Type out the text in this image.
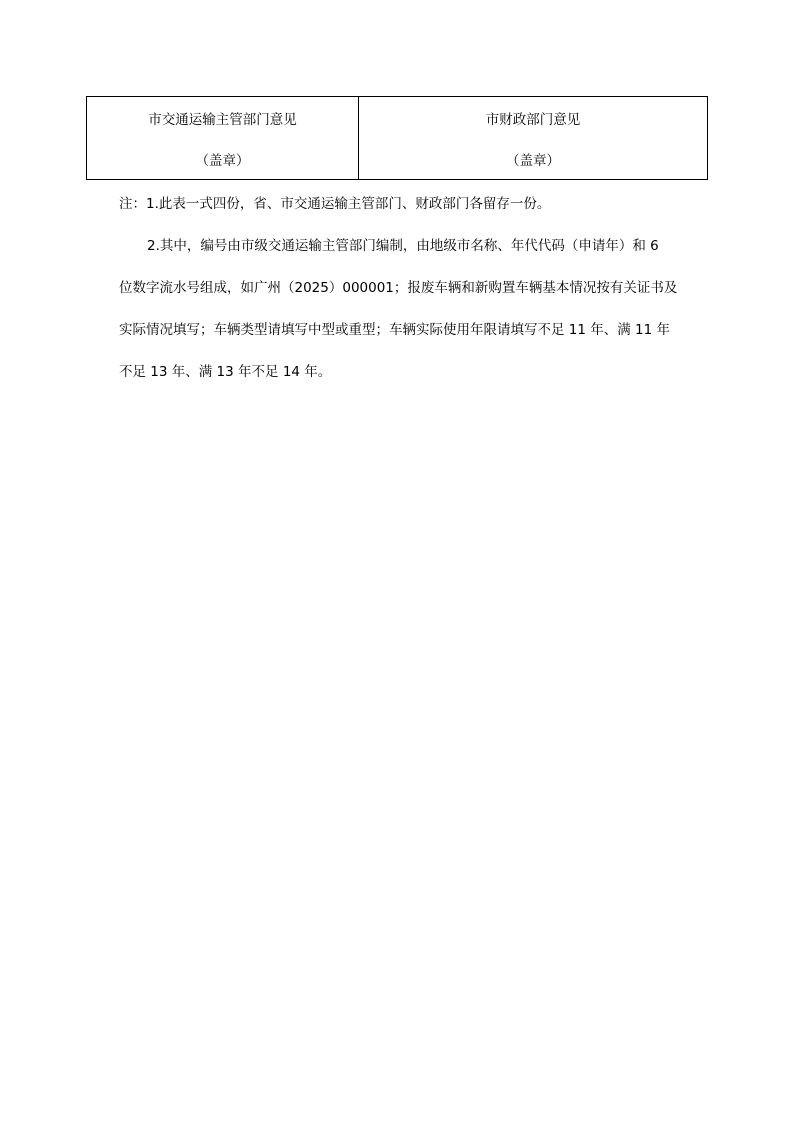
市交通运输主管部门意见
（盖章）
市财政部门意见
（盖章）
注：1.此表一式四份，省、市交通运输主管部门、财政部门各留存一份。
2.其中，编号由市级交通运输主管部门编制，由地级市名称、年代代码（申请年）和 6
位数字流水号组成，如广州（2025）000001；报废车辆和新购置车辆基本情况按有关证书及
实际情况填写；车辆类型请填写中型或重型；车辆实际使用年限请填写不足 11 年、满 11 年
不足 13 年、满 13 年不足 14 年。
